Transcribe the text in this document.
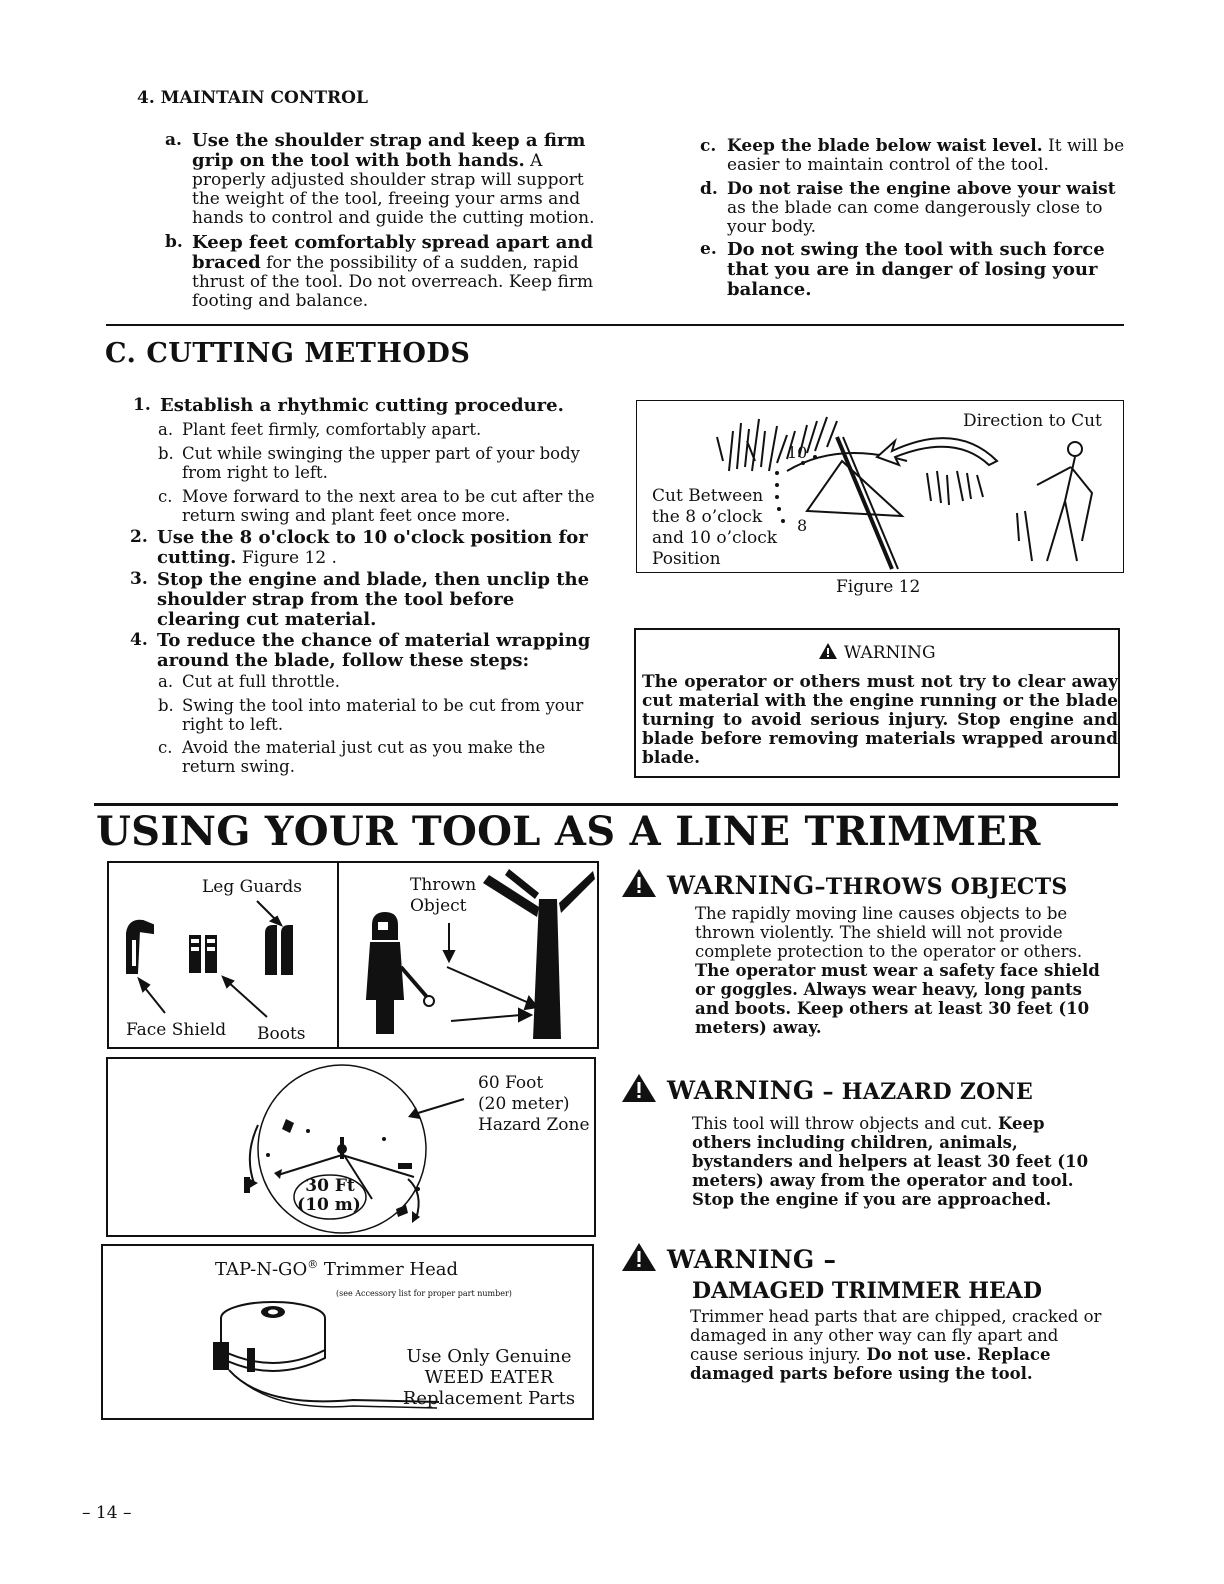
4. MAINTAIN CONTROL
a. Use the shoulder strap and keep a firm grip on the tool with both hands. A properly adjusted shoulder strap will support the weight of the tool, freeing your arms and hands to control and guide the cutting motion.
b. Keep feet comfortably spread apart and braced for the possibility of a sudden, rapid thrust of the tool. Do not overreach. Keep firm footing and balance.
c. Keep the blade below waist level. It will be easier to maintain control of the tool.
d. Do not raise the engine above your waist as the blade can come dangerously close to your body.
e. Do not swing the tool with such force that you are in danger of losing your balance.
C. CUTTING METHODS
1. Establish a rhythmic cutting procedure.
a. Plant feet firmly, comfortably apart.
b. Cut while swinging the upper part of your body from right to left.
c. Move forward to the next area to be cut after the return swing and plant feet once more.
2. Use the 8 o'clock to 10 o'clock position for cutting. Figure 12 .
3. Stop the engine and blade, then unclip the shoulder strap from the tool before clearing cut material.
4. To reduce the chance of material wrapping around the blade, follow these steps:
a. Cut at full throttle.
b. Swing the tool into material to be cut from your right to left.
c. Avoid the material just cut as you make the return swing.
Direction to Cut
10
8
Cut Between
the 8 o’clock
and 10 o’clock
Position
Figure 12
WARNING
The operator or others must not try to clear away cut material with the engine running or the blade turning to avoid serious injury. Stop engine and blade before removing materials wrapped around blade.
USING YOUR TOOL AS A LINE TRIMMER
Leg Guards
Face Shield Boots
Thrown
Object
30 Ft
(10 m)
60 Foot
(20 meter)
Hazard Zone
TAP-N-GO® Trimmer Head
(see Accessory list for proper part number)
Use Only Genuine
WEED EATER
Replacement Parts
WARNING–THROWS OBJECTS
The rapidly moving line causes objects to be thrown violently. The shield will not provide complete protection to the operator or others. The operator must wear a safety face shield or goggles. Always wear heavy, long pants and boots. Keep others at least 30 feet (10 meters) away.
WARNING – HAZARD ZONE
This tool will throw objects and cut. Keep others including children, animals, bystanders and helpers at least 30 feet (10 meters) away from the operator and tool. Stop the engine if you are approached.
WARNING –
DAMAGED TRIMMER HEAD
Trimmer head parts that are chipped, cracked or damaged in any other way can fly apart and cause serious injury. Do not use. Replace damaged parts before using the tool.
– 14 –
